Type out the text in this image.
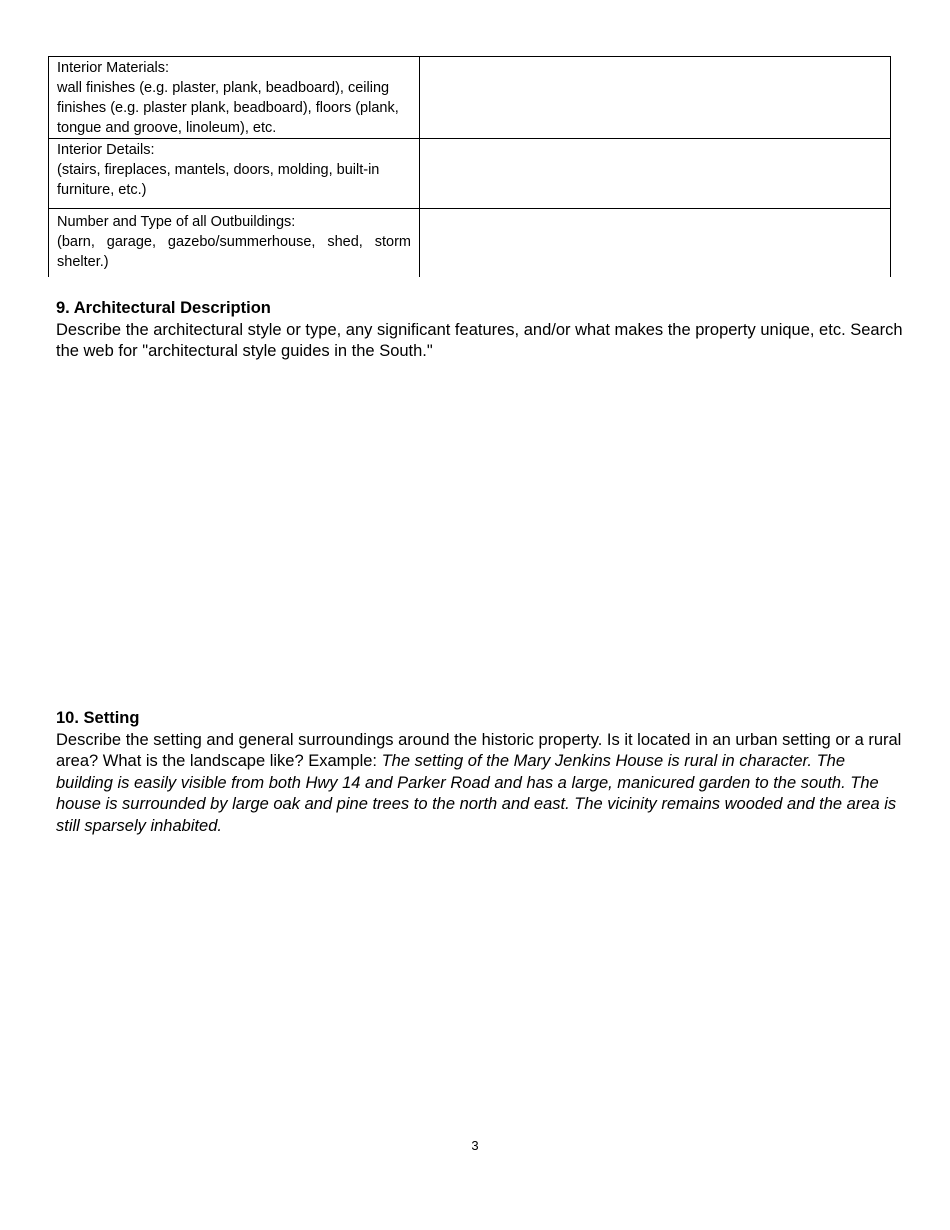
Interior Materials:
wall finishes (e.g. plaster, plank, beadboard), ceiling finishes (e.g. plaster plank, beadboard), floors (plank, tongue and groove, linoleum), etc.	

Interior Details:
(stairs, fireplaces, mantels, doors, molding, built-in furniture, etc.)	

Number and Type of all Outbuildings:
(barn, garage, gazebo/summerhouse, shed, storm shelter.)	

9. Architectural Description
Describe the architectural style or type, any significant features, and/or what makes the property unique, etc. Search the web for "architectural style guides in the South."
10. Setting
Describe the setting and general surroundings around the historic property. Is it located in an urban setting or a rural area? What is the landscape like? Example: The setting of the Mary Jenkins House is rural in character. The building is easily visible from both Hwy 14 and Parker Road and has a large, manicured garden to the south. The house is surrounded by large oak and pine trees to the north and east. The vicinity remains wooded and the area is still sparsely inhabited.
3
